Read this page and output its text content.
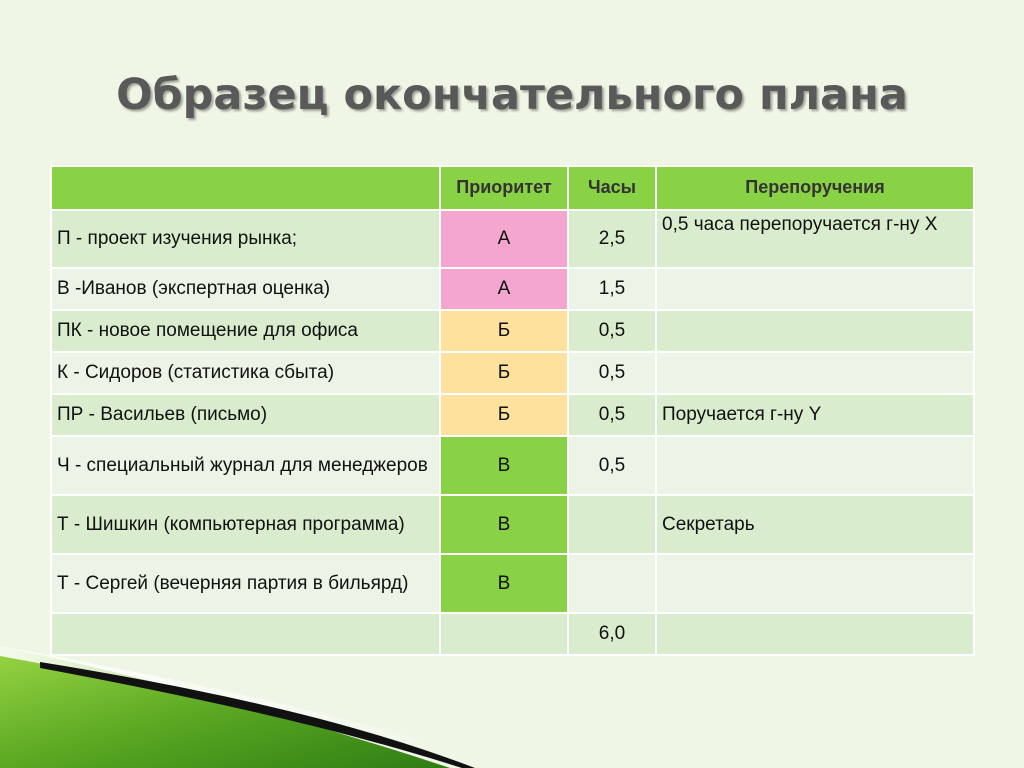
Образец окончательного плана
	Приоритет	Часы	Перепоручения
П - проект изучения рынка;	А	2,5	0,5 часа перепоручается г-ну X
В -Иванов (экспертная оценка)	А	1,5	
ПК - новое помещение для офиса	Б	0,5	
К - Сидоров (статистика сбыта)	Б	0,5	
ПР - Васильев (письмо)	Б	0,5	Поручается г-ну Y
Ч - специальный журнал для менеджеров	В	0,5	
Т - Шишкин (компьютерная программа)	В		Секретарь
Т - Сергей (вечерняя партия в бильярд)	В		
		6,0	
